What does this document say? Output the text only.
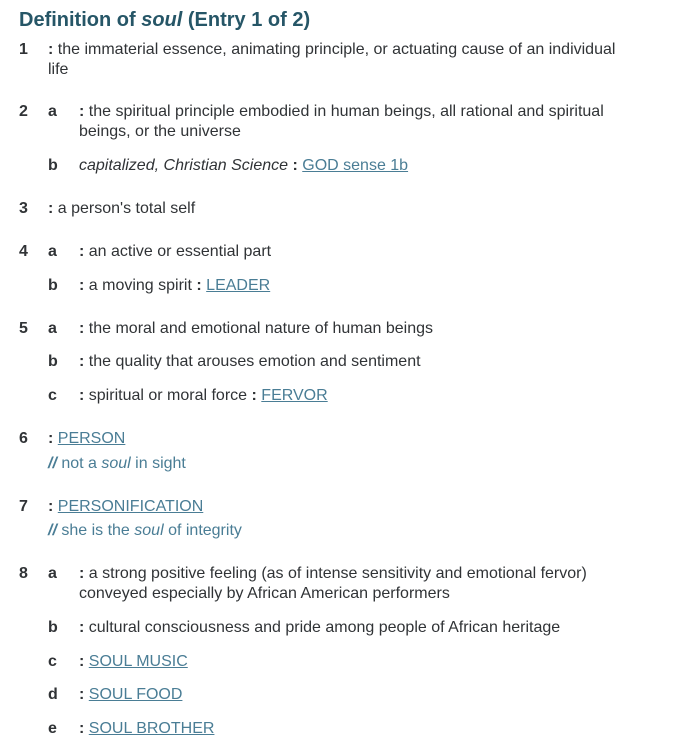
Definition of soul (Entry 1 of 2)
1 : the immaterial essence, animating principle, or actuating cause of an individual
life
2 a : the spiritual principle embodied in human beings, all rational and spiritual
beings, or the universe
b capitalized, Christian Science : GOD sense 1b
3 : a person's total self
4 a : an active or essential part
b : a moving spirit : LEADER
5 a : the moral and emotional nature of human beings
b : the quality that arouses emotion and sentiment
c : spiritual or moral force : FERVOR
6 : PERSON
// not a soul in sight
7 : PERSONIFICATION
// she is the soul of integrity
8 a : a strong positive feeling (as of intense sensitivity and emotional fervor)
conveyed especially by African American performers
b : cultural consciousness and pride among people of African heritage
c : SOUL MUSIC
d : SOUL FOOD
e : SOUL BROTHER
